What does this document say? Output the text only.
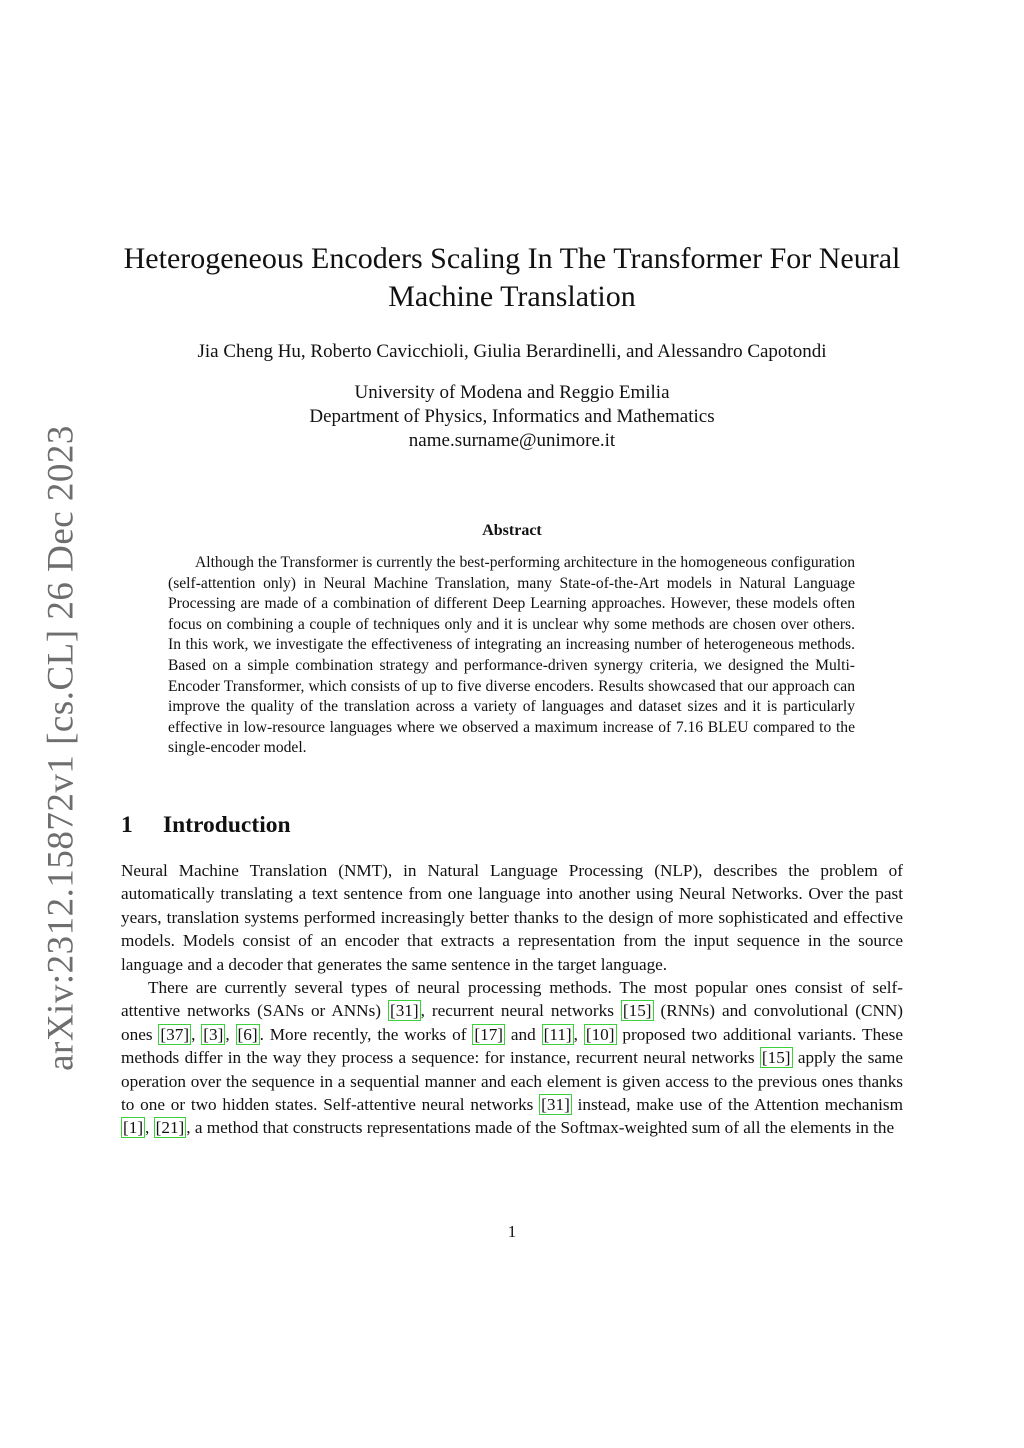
arXiv:2312.15872v1 [cs.CL] 26 Dec 2023
Heterogeneous Encoders Scaling In The Transformer For Neural Machine Translation
Jia Cheng Hu, Roberto Cavicchioli, Giulia Berardinelli, and Alessandro Capotondi
University of Modena and Reggio Emilia
Department of Physics, Informatics and Mathematics
name.surname@unimore.it
Abstract

Although the Transformer is currently the best-performing architecture in the homogeneous configuration (self-attention only) in Neural Machine Translation, many State-of-the-Art models in Natural Language Processing are made of a combination of different Deep Learning approaches. However, these models often focus on combining a couple of techniques only and it is unclear why some methods are chosen over others. In this work, we investigate the effectiveness of integrating an increasing number of heterogeneous methods. Based on a simple combination strategy and performance-driven synergy criteria, we designed the Multi-Encoder Transformer, which consists of up to five diverse encoders. Results showcased that our approach can improve the quality of the translation across a variety of languages and dataset sizes and it is particularly effective in low-resource languages where we observed a maximum increase of 7.16 BLEU compared to the single-encoder model.

1 Introduction

Neural Machine Translation (NMT), in Natural Language Processing (NLP), describes the problem of automatically translating a text sentence from one language into another using Neural Networks. Over the past years, translation systems performed increasingly better thanks to the design of more sophisticated and effective models. Models consist of an encoder that extracts a representation from the input sequence in the source language and a decoder that generates the same sentence in the target language.

There are currently several types of neural processing methods. The most popular ones consist of self-attentive networks (SANs or ANNs) [31] , recurrent neural networks [15] (RNNs) and convolutional (CNN) ones [37] , [3] , [6] . More recently, the works of [17] and [11] , [10] proposed two additional variants. These methods differ in the way they process a sequence: for instance, recurrent neural networks [15] apply the same operation over the sequence in a sequential manner and each element is given access to the previous ones thanks to one or two hidden states. Self-attentive neural networks [31] instead, make use of the Attention mechanism [1] , [21] , a method that constructs representations made of the Softmax-weighted sum of all the elements in the

1
